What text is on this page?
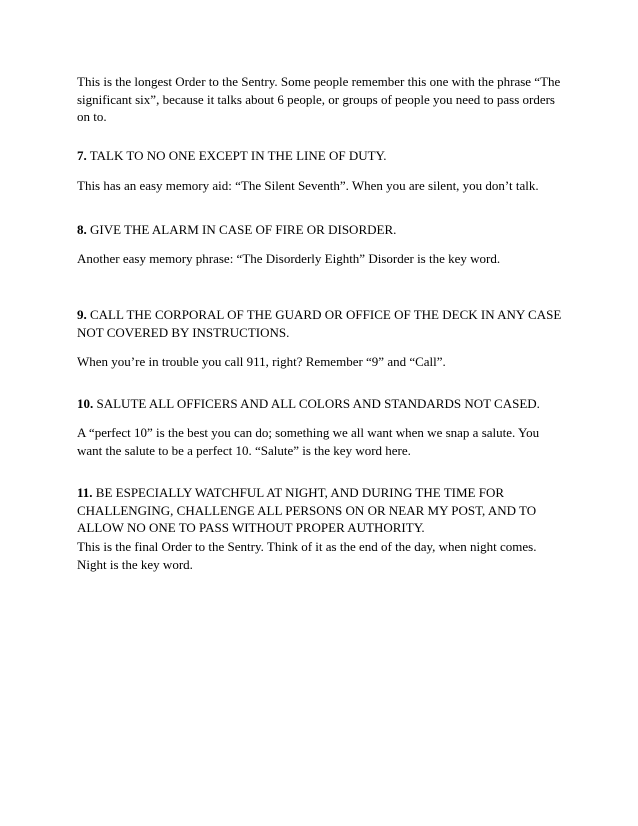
This is the longest Order to the Sentry. Some people remember this one with the phrase “The significant six”, because it talks about 6 people, or groups of people you need to pass orders on to.

7. TALK TO NO ONE EXCEPT IN THE LINE OF DUTY.

This has an easy memory aid: “The Silent Seventh”. When you are silent, you don’t talk.

8. GIVE THE ALARM IN CASE OF FIRE OR DISORDER.

Another easy memory phrase: “The Disorderly Eighth” Disorder is the key word.

9. CALL THE CORPORAL OF THE GUARD OR OFFICE OF THE DECK IN ANY CASE NOT COVERED BY INSTRUCTIONS.

When you’re in trouble you call 911, right? Remember “9” and “Call”.

10. SALUTE ALL OFFICERS AND ALL COLORS AND STANDARDS NOT CASED.

A “perfect 10” is the best you can do; something we all want when we snap a salute. You want the salute to be a perfect 10. “Salute” is the key word here.

11. BE ESPECIALLY WATCHFUL AT NIGHT, AND DURING THE TIME FOR CHALLENGING, CHALLENGE ALL PERSONS ON OR NEAR MY POST, AND TO ALLOW NO ONE TO PASS WITHOUT PROPER AUTHORITY.

This is the final Order to the Sentry. Think of it as the end of the day, when night comes. Night is the key word.
